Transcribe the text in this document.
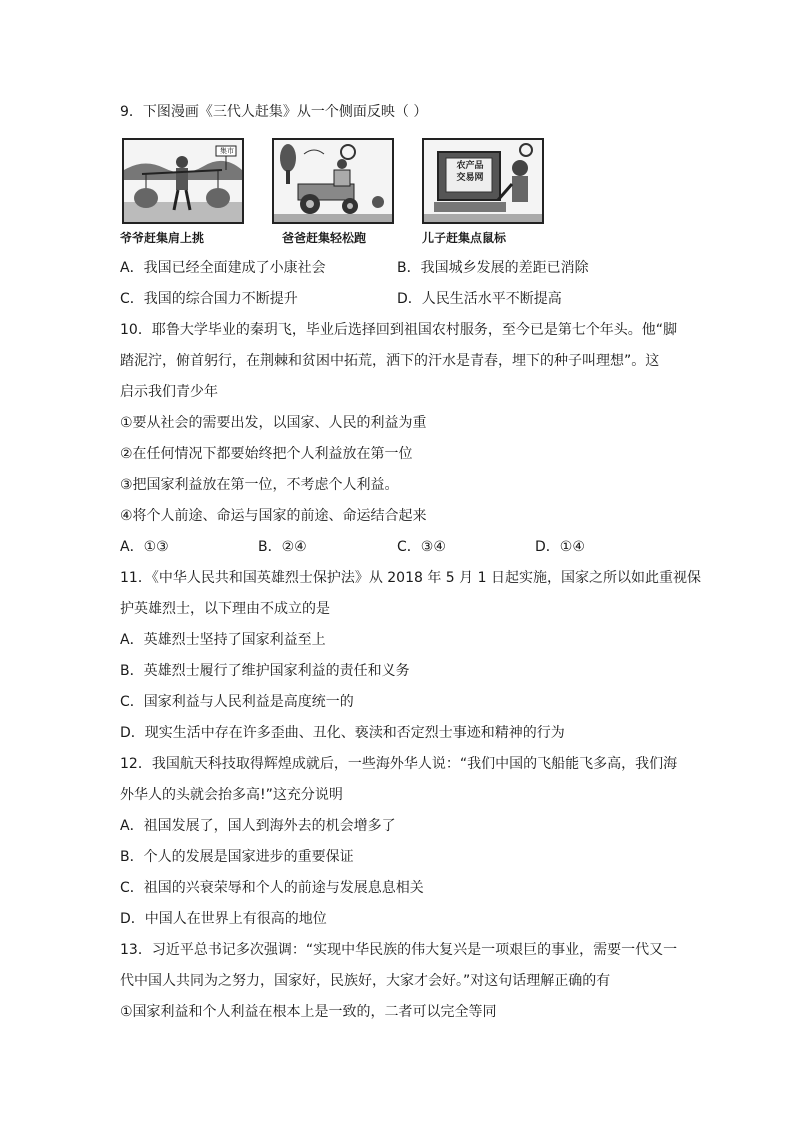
9．下图漫画《三代人赶集》从一个侧面反映（ ）
集市
农产品
交易网
爷爷赶集肩上挑	爸爸赶集轻松跑	儿子赶集点鼠标
A．我国已经全面建成了小康社会	B．我国城乡发展的差距已消除
C．我国的综合国力不断提升	D．人民生活水平不断提高
10．耶鲁大学毕业的秦玥飞，毕业后选择回到祖国农村服务，至今已是第七个年头。他“脚
踏泥泞，俯首躬行，在荆棘和贫困中拓荒，洒下的汗水是青春，埋下的种子叫理想”。这
启示我们青少年
①要从社会的需要出发，以国家、人民的利益为重
②在任何情况下都要始终把个人利益放在第一位
③把国家利益放在第一位，不考虑个人利益。
④将个人前途、命运与国家的前途、命运结合起来
A．①③	B．②④	C．③④	D．①④
11．《中华人民共和国英雄烈士保护法》从 2018 年 5 月 1 日起实施，国家之所以如此重视保
护英雄烈士，以下理由不成立的是
A．英雄烈士坚持了国家利益至上
B．英雄烈士履行了维护国家利益的责任和义务
C．国家利益与人民利益是高度统一的
D．现实生活中存在许多歪曲、丑化、亵渎和否定烈士事迹和精神的行为
12．我国航天科技取得辉煌成就后，一些海外华人说：“我们中国的飞船能飞多高，我们海
外华人的头就会抬多高!”这充分说明
A．祖国发展了，国人到海外去的机会增多了
B．个人的发展是国家进步的重要保证
C．祖国的兴衰荣辱和个人的前途与发展息息相关
D．中国人在世界上有很高的地位
13．习近平总书记多次强调：“实现中华民族的伟大复兴是一项艰巨的事业，需要一代又一
代中国人共同为之努力，国家好，民族好，大家才会好。”对这句话理解正确的有
①国家利益和个人利益在根本上是一致的，二者可以完全等同
